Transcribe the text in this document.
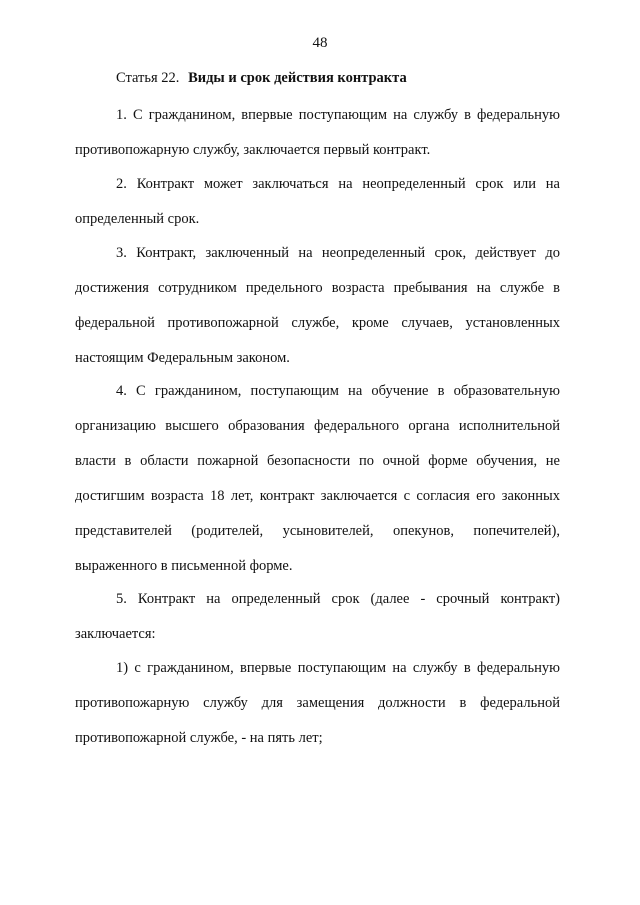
48
Статья 22. Виды и срок действия контракта
1. С гражданином, впервые поступающим на службу в федеральную
противопожарную службу, заключается первый контракт.
2. Контракт может заключаться на неопределенный срок или на
определенный срок.
3. Контракт, заключенный на неопределенный срок, действует до
достижения сотрудником предельного возраста пребывания на службе в
федеральной противопожарной службе, кроме случаев, установленных
настоящим Федеральным законом.
4. С гражданином, поступающим на обучение в образовательную
организацию высшего образования федерального органа исполнительной
власти в области пожарной безопасности по очной форме обучения, не
достигшим возраста 18 лет, контракт заключается с согласия его законных
представителей (родителей, усыновителей, опекунов, попечителей),
выраженного в письменной форме.
5. Контракт на определенный срок (далее - срочный контракт)
заключается:
1) с гражданином, впервые поступающим на службу в федеральную
противопожарную службу для замещения должности в федеральной
противопожарной службе, - на пять лет;
